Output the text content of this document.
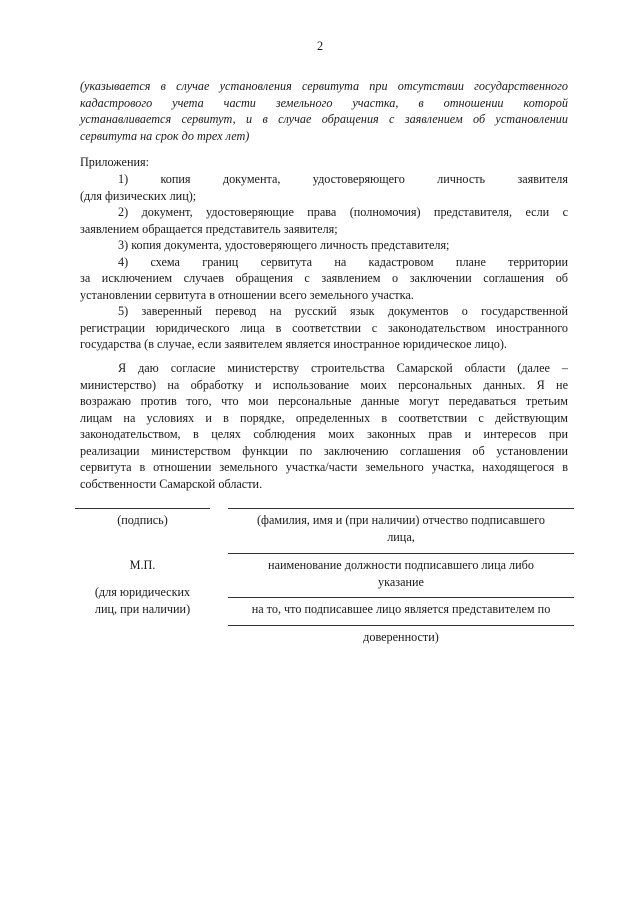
2
(указывается в случае установления сервитута при отсутствии государственного
кадастрового учета части земельного участка, в отношении которой
устанавливается сервитут, и в случае обращения с заявлением об установлении
сервитута на срок до трех лет)
Приложения:
1) копия документа, удостоверяющего личность заявителя
(для физических лиц);
2) документ, удостоверяющие права (полномочия) представителя, если с
заявлением обращается представитель заявителя;
3) копия документа, удостоверяющего личность представителя;
4) схема границ сервитута на кадастровом плане территории
за исключением случаев обращения с заявлением о заключении соглашения об
установлении сервитута в отношении всего земельного участка.
5) заверенный перевод на русский язык документов о государственной
регистрации юридического лица в соответствии с законодательством иностранного
государства (в случае, если заявителем является иностранное юридическое лицо).
Я даю согласие министерству строительства Самарской области (далее –
министерство) на обработку и использование моих персональных данных. Я не
возражаю против того, что мои персональные данные могут передаваться третьим
лицам на условиях и в порядке, определенных в соответствии с действующим
законодательством, в целях соблюдения моих законных прав и интересов при
реализации министерством функции по заключению соглашения об установлении
сервитута в отношении земельного участка/части земельного участка, находящегося в
собственности Самарской области.
(подпись)	(фамилия, имя и (при наличии) отчество подписавшего
лица,
М.П.	наименование должности подписавшего лица либо
указание
(для юридических
лиц, при наличии)	на то, что подписавшее лицо является представителем по
доверенности)
